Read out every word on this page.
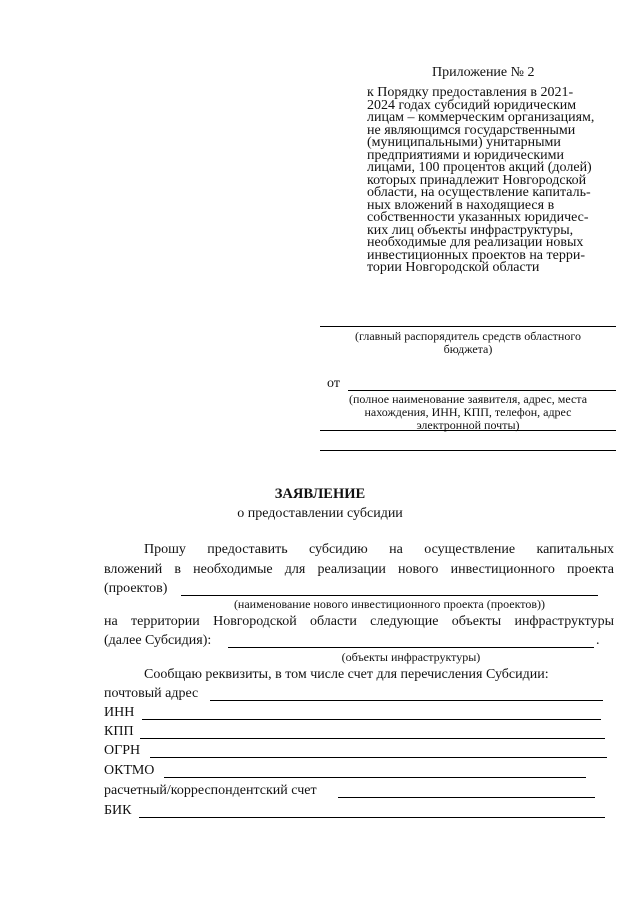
Приложение № 2
к Порядку предоставления в 2021-
2024 годах субсидий юридическим
лицам – коммерческим организациям,
не являющимся государственными
(муниципальными) унитарными
предприятиями и юридическими
лицами, 100 процентов акций (долей)
которых принадлежит Новгородской
области, на осуществление капиталь-
ных вложений в находящиеся в
собственности указанных юридичес-
ких лиц объекты инфраструктуры,
необходимые для реализации новых
инвестиционных проектов на терри-
тории Новгородской области
(главный распорядитель средств областного
бюджета)
от
(полное наименование заявителя, адрес, места
нахождения, ИНН, КПП, телефон, адрес
электронной почты)
ЗАЯВЛЕНИЕ
о предоставлении субсидии
Прошу предоставить субсидию на осуществление капитальных
вложений в необходимые для реализации нового инвестиционного проекта
(проектов)
(наименование нового инвестиционного проекта (проектов))
на территории Новгородской области следующие объекты инфраструктуры
(далее Субсидия):	.
(объекты инфраструктуры)
Сообщаю реквизиты, в том числе счет для перечисления Субсидии:
почтовый адрес
ИНН
КПП
ОГРН
ОКТМО
расчетный/корреспондентский счет
БИК
